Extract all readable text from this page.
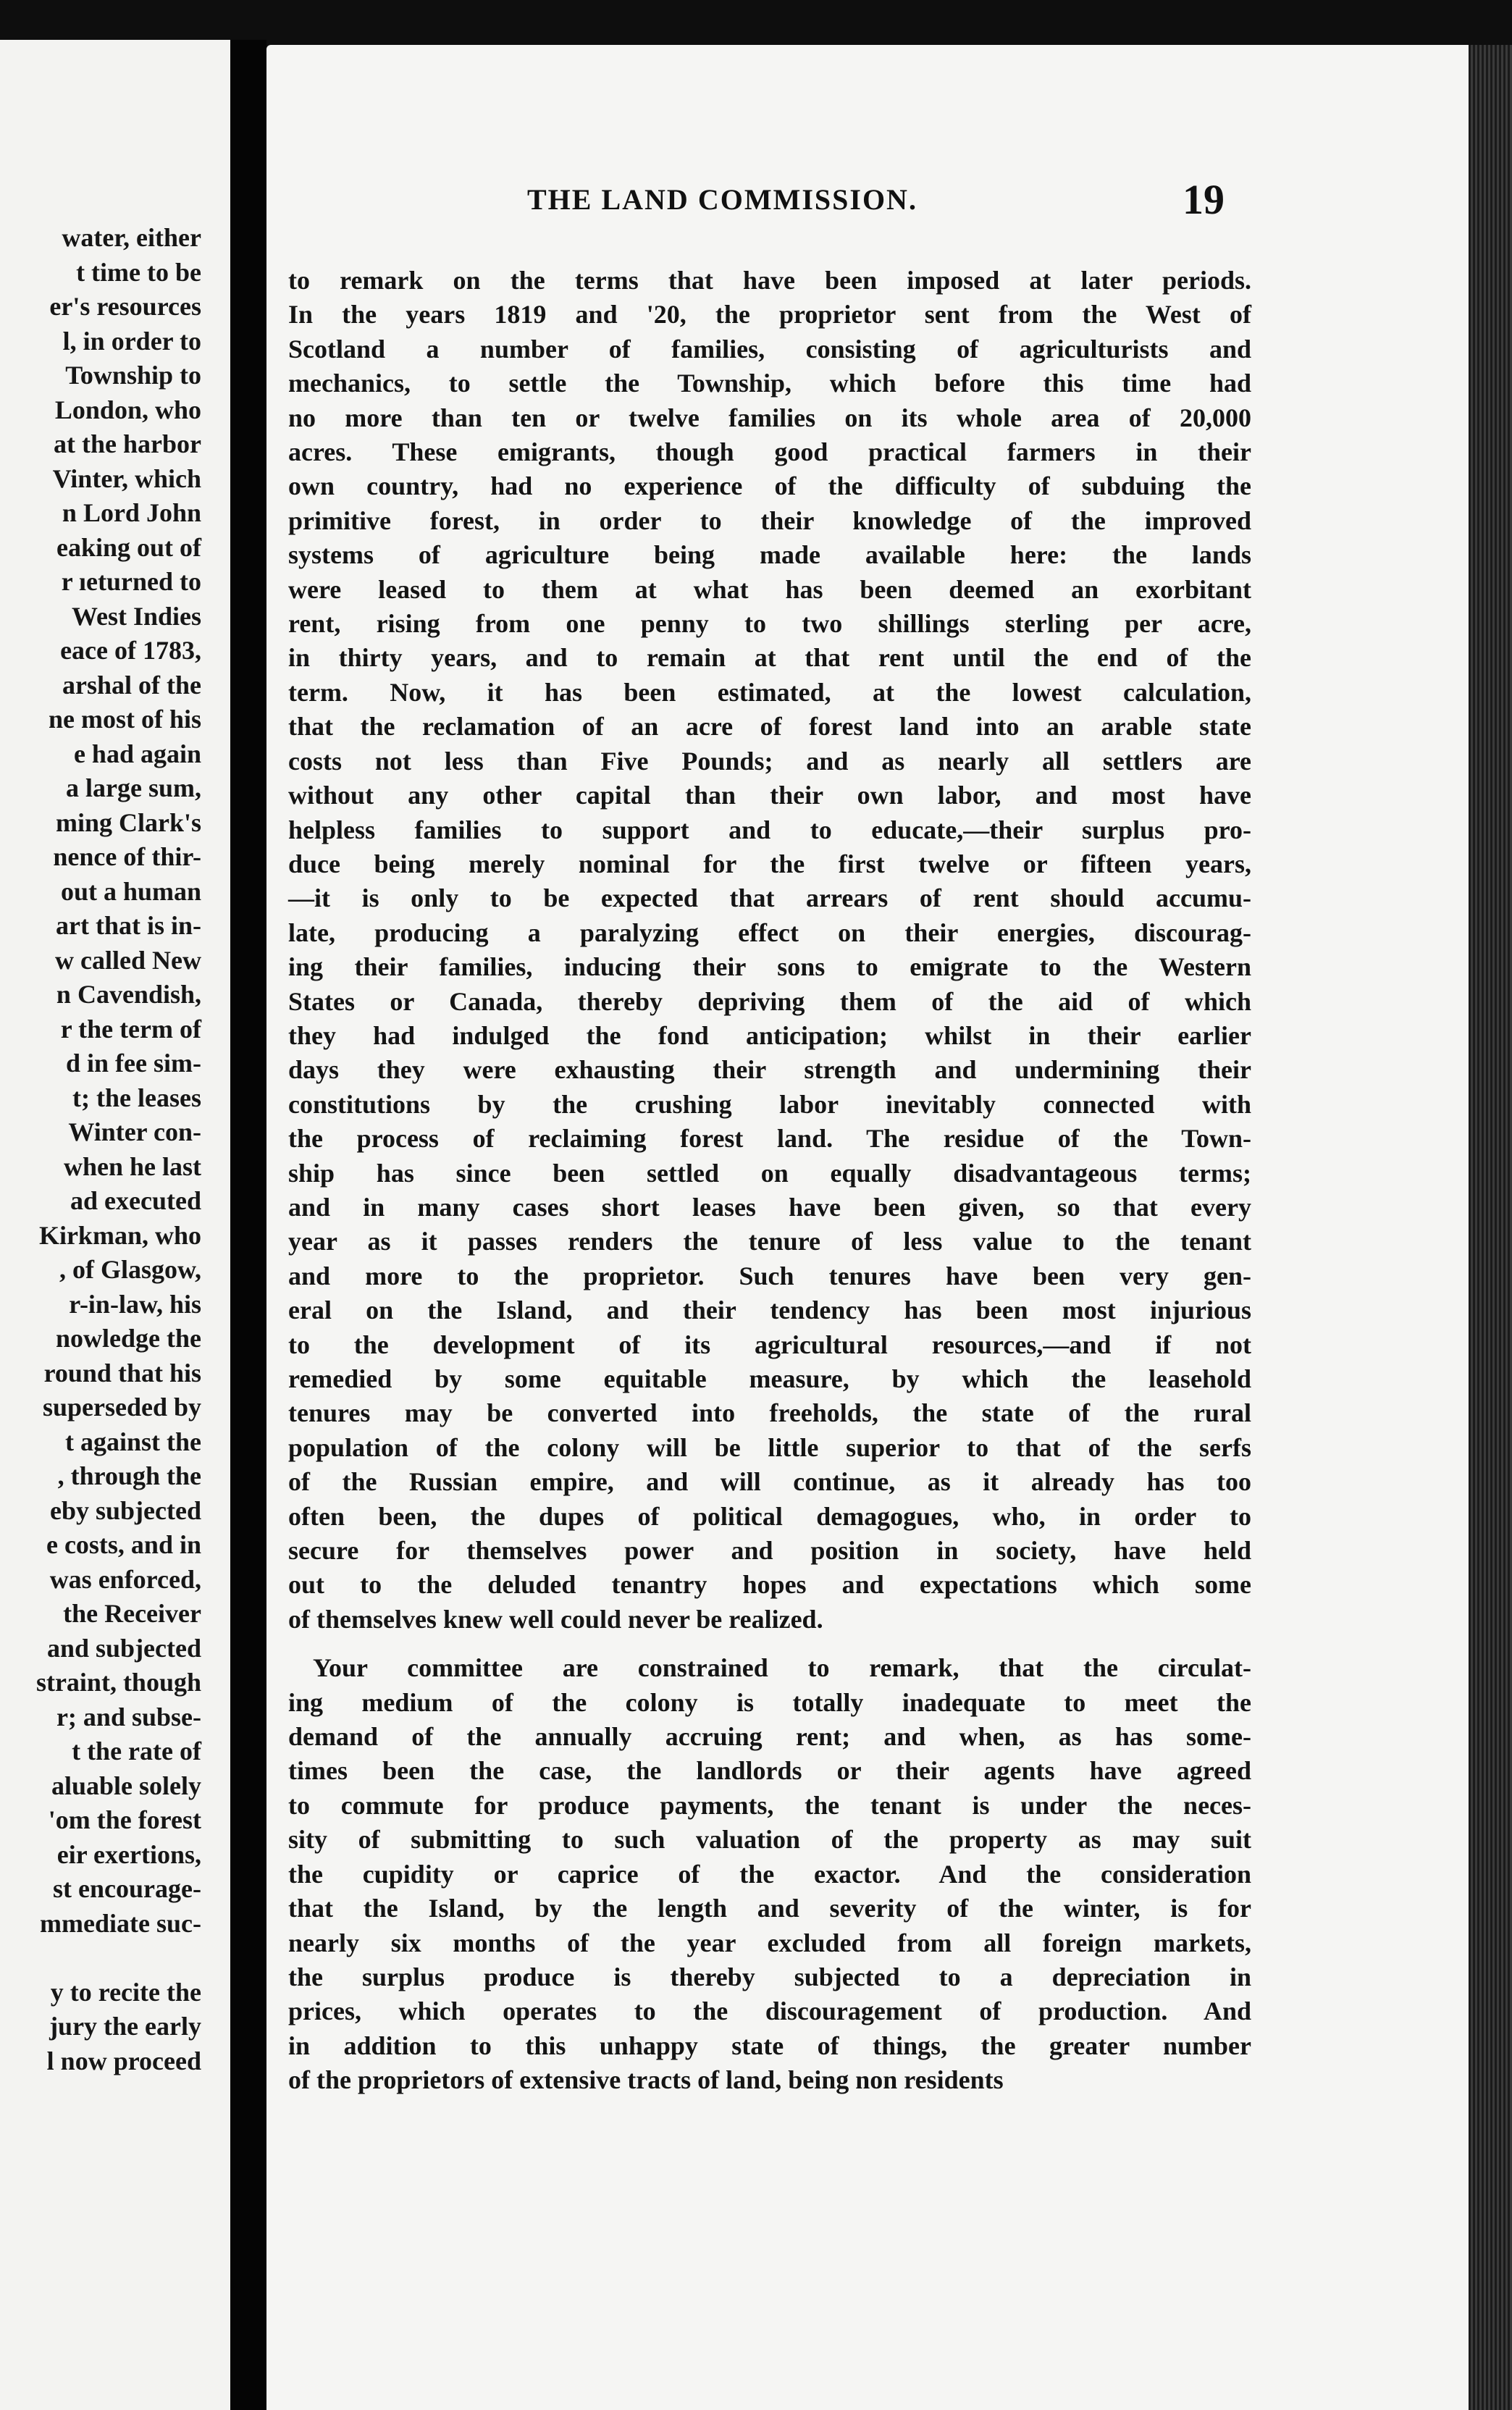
water, either
t time to be
er's resources
l, in order to
Township to
London, who
at the harbor
Vinter, which
n Lord John
eaking out of
r ıeturned to
West Indies
eace of 1783,
arshal of the
ne most of his
e had again
a large sum,
ming Clark's
nence of thir-
out a human
art that is in-
w called New
n Cavendish,
r the term of
d in fee sim-
t; the leases
Winter con-
when he last
ad executed
Kirkman, who
, of Glasgow,
r-in-law, his
nowledge the
round that his
superseded by
t against the
, through the
eby subjected
e costs, and in
was enforced,
the Receiver
and subjected
straint, though
r; and subse-
t the rate of
aluable solely
'om the forest
eir exertions,
st encourage-
mmediate suc-

y to recite the
jury the early
l now proceed
THE LAND COMMISSION.	19
to remark on the terms that have been imposed at later periods.
In the years 1819 and '20, the proprietor sent from the West of
Scotland a number of families, consisting of agriculturists and
mechanics, to settle the Township, which before this time had
no more than ten or twelve families on its whole area of 20,000
acres. These emigrants, though good practical farmers in their
own country, had no experience of the difficulty of subduing the
primitive forest, in order to their knowledge of the improved
systems of agriculture being made available here: the lands
were leased to them at what has been deemed an exorbitant
rent, rising from one penny to two shillings sterling per acre,
in thirty years, and to remain at that rent until the end of the
term. Now, it has been estimated, at the lowest calculation,
that the reclamation of an acre of forest land into an arable state
costs not less than Five Pounds; and as nearly all settlers are
without any other capital than their own labor, and most have
helpless families to support and to educate,—their surplus pro-
duce being merely nominal for the first twelve or fifteen years,
—it is only to be expected that arrears of rent should accumu-
late, producing a paralyzing effect on their energies, discourag-
ing their families, inducing their sons to emigrate to the Western
States or Canada, thereby depriving them of the aid of which
they had indulged the fond anticipation; whilst in their earlier
days they were exhausting their strength and undermining their
constitutions by the crushing labor inevitably connected with
the process of reclaiming forest land. The residue of the Town-
ship has since been settled on equally disadvantageous terms;
and in many cases short leases have been given, so that every
year as it passes renders the tenure of less value to the tenant
and more to the proprietor. Such tenures have been very gen-
eral on the Island, and their tendency has been most injurious
to the development of its agricultural resources,—and if not
remedied by some equitable measure, by which the leasehold
tenures may be converted into freeholds, the state of the rural
population of the colony will be little superior to that of the serfs
of the Russian empire, and will continue, as it already has too
often been, the dupes of political demagogues, who, in order to
secure for themselves power and position in society, have held
out to the deluded tenantry hopes and expectations which some
of themselves knew well could never be realized.
Your committee are constrained to remark, that the circulat-
ing medium of the colony is totally inadequate to meet the
demand of the annually accruing rent; and when, as has some-
times been the case, the landlords or their agents have agreed
to commute for produce payments, the tenant is under the neces-
sity of submitting to such valuation of the property as may suit
the cupidity or caprice of the exactor. And the consideration
that the Island, by the length and severity of the winter, is for
nearly six months of the year excluded from all foreign markets,
the surplus produce is thereby subjected to a depreciation in
prices, which operates to the discouragement of production. And
in addition to this unhappy state of things, the greater number
of the proprietors of extensive tracts of land, being non residents
